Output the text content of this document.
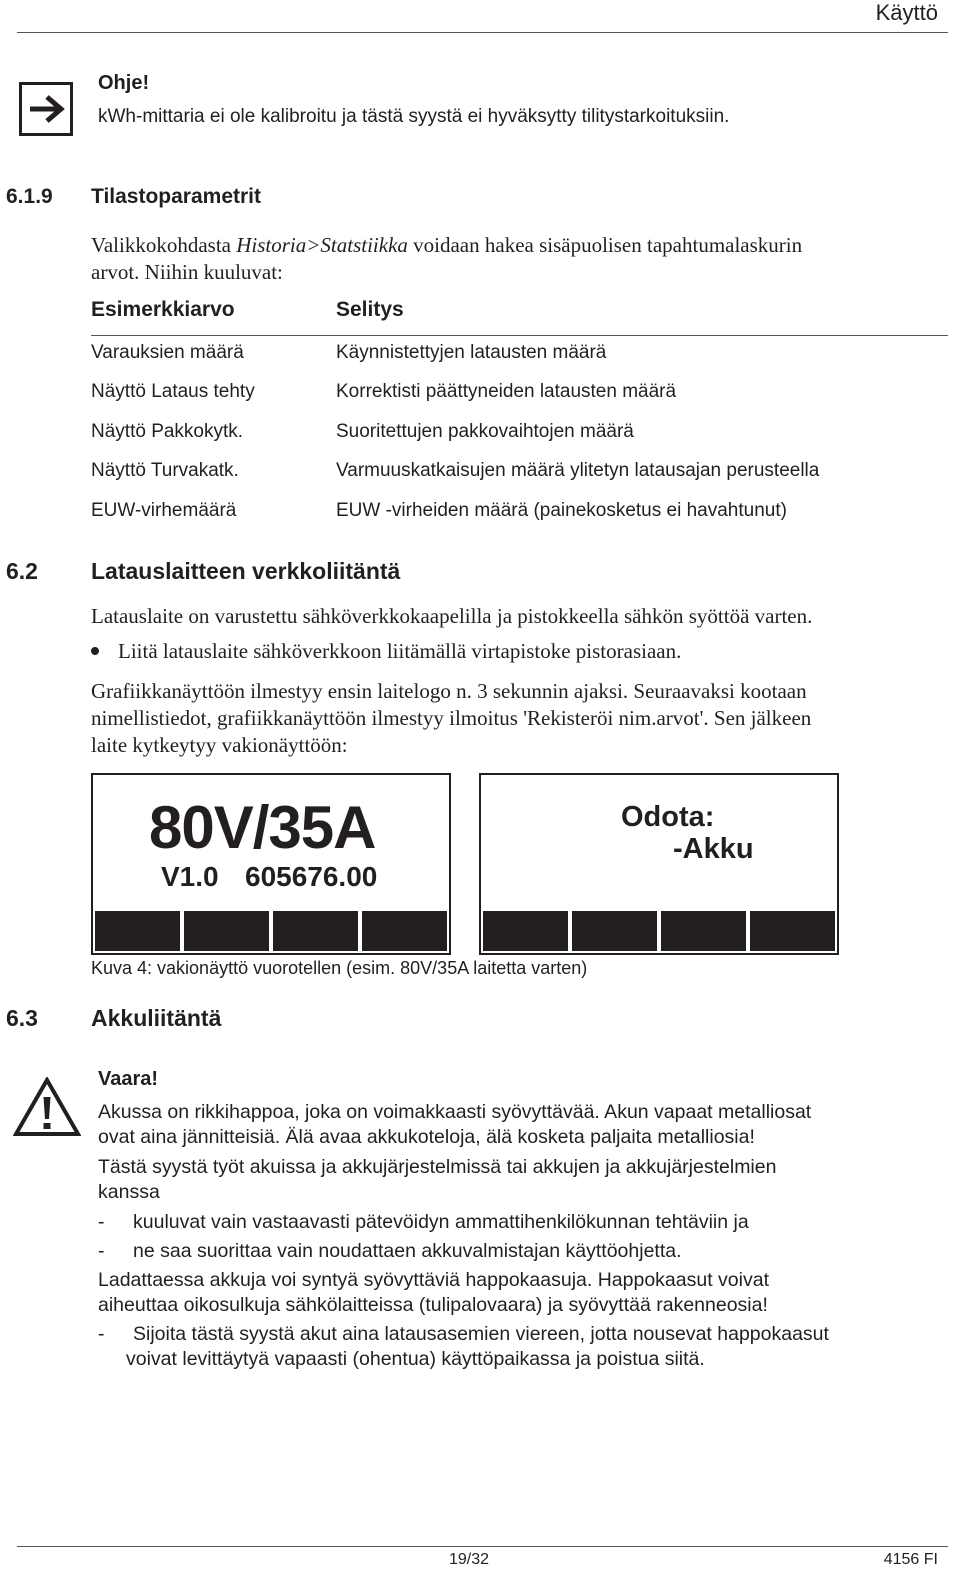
Käyttö
Ohje!
kWh-mittaria ei ole kalibroitu ja tästä syystä ei hyväksytty tilitystarkoituksiin.
6.1.9 Tilastoparametrit
Valikkokohdasta Historia>Statstiikka voidaan hakea sisäpuolisen tapahtumalaskurin
arvot. Niihin kuuluvat:
Esimerkkiarvo	Selitys
Varauksien määrä	Käynnistettyjen latausten määrä
Näyttö Lataus tehty	Korrektisti päättyneiden latausten määrä
Näyttö Pakkokytk.	Suoritettujen pakkovaihtojen määrä
Näyttö Turvakatk.	Varmuuskatkaisujen määrä ylitetyn latausajan perusteella
EUW-virhemäärä	EUW -virheiden määrä (painekosketus ei havahtunut)
6.2 Latauslaitteen verkkoliitäntä
Latauslaite on varustettu sähköverkkokaapelilla ja pistokkeella sähkön syöttöä varten.
Liitä latauslaite sähköverkkoon liitämällä virtapistoke pistorasiaan.
Grafiikkanäyttöön ilmestyy ensin laitelogo n. 3 sekunnin ajaksi. Seuraavaksi kootaan
nimellistiedot, grafiikkanäyttöön ilmestyy ilmoitus 'Rekisteröi nim.arvot'. Sen jälkeen
laite kytkeytyy vakionäyttöön:
80V/35A
V1.0 605676.00
Odota:
-Akku
Kuva 4: vakionäyttö vuorotellen (esim. 80V/35A laitetta varten)
6.3 Akkuliitäntä
Vaara!
Akussa on rikkihappoa, joka on voimakkaasti syövyttävää. Akun vapaat metalliosat
ovat aina jännitteisiä. Älä avaa akkukoteloja, älä kosketa paljaita metalliosia!
Tästä syystä työt akuissa ja akkujärjestelmissä tai akkujen ja akkujärjestelmien
kanssa
- kuuluvat vain vastaavasti pätevöidyn ammattihenkilökunnan tehtäviin ja
- ne saa suorittaa vain noudattaen akkuvalmistajan käyttöohjetta.
Ladattaessa akkuja voi syntyä syövyttäviä happokaasuja. Happokaasut voivat
aiheuttaa oikosulkuja sähkölaitteissa (tulipalovaara) ja syövyttää rakenneosia!
- Sijoita tästä syystä akut aina latausasemien viereen, jotta nousevat happokaasut
voivat levittäytyä vapaasti (ohentua) käyttöpaikassa ja poistua siitä.
19/32	4156 FI
